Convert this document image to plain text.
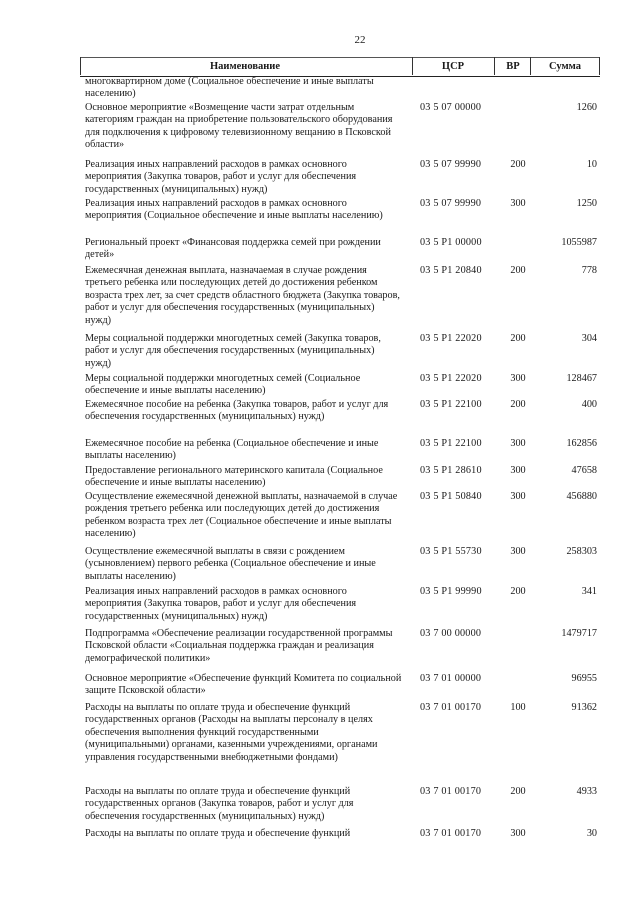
22
Наименование	ЦСР	ВР	Сумма
многоквартирном доме (Социальное обеспечение и иные выплаты населению)
Основное мероприятие «Возмещение части затрат отдельным категориям граждан на приобретение пользовательского оборудования для подключения к цифровому телевизионному вещанию в Псковской области»
03 5 07 00000	1260
Реализация иных направлений расходов в рамках основного мероприятия (Закупка товаров, работ и услуг для обеспечения государственных (муниципальных) нужд)
03 5 07 99990	200	10
Реализация иных направлений расходов в рамках основного мероприятия (Социальное обеспечение и иные выплаты населению)
03 5 07 99990	300	1250
Региональный проект «Финансовая поддержка семей при рождении детей»
03 5 P1 00000	1055987
Ежемесячная денежная выплата, назначаемая в случае рождения третьего ребенка или последующих детей до достижения ребенком возраста трех лет, за счет средств областного бюджета (Закупка товаров, работ и услуг для обеспечения государственных (муниципальных) нужд)
03 5 P1 20840	200	778
Меры социальной поддержки многодетных семей (Закупка товаров, работ и услуг для обеспечения государственных (муниципальных) нужд)
03 5 P1 22020	200	304
Меры социальной поддержки многодетных семей (Социальное обеспечение и иные выплаты населению)
03 5 P1 22020	300	128467
Ежемесячное пособие на ребенка (Закупка товаров, работ и услуг для обеспечения государственных (муниципальных) нужд)
03 5 P1 22100	200	400
Ежемесячное пособие на ребенка (Социальное обеспечение и иные выплаты населению)
03 5 P1 22100	300	162856
Предоставление регионального материнского капитала (Социальное обеспечение и иные выплаты населению)
03 5 P1 28610	300	47658
Осуществление ежемесячной денежной выплаты, назначаемой в случае рождения третьего ребенка или последующих детей до достижения ребенком возраста трех лет (Социальное обеспечение и иные выплаты населению)
03 5 P1 50840	300	456880
Осуществление ежемесячной выплаты в связи с рождением (усыновлением) первого ребенка (Социальное обеспечение и иные выплаты населению)
03 5 P1 55730	300	258303
Реализация иных направлений расходов в рамках основного мероприятия (Закупка товаров, работ и услуг для обеспечения государственных (муниципальных) нужд)
03 5 P1 99990	200	341
Подпрограмма «Обеспечение реализации государственной программы Псковской области «Социальная поддержка граждан и реализация демографической политики»
03 7 00 00000	1479717
Основное мероприятие «Обеспечение функций Комитета по социальной защите Псковской области»
03 7 01 00000	96955
Расходы на выплаты по оплате труда и обеспечение функций государственных органов (Расходы на выплаты персоналу в целях обеспечения выполнения функций государственными (муниципальными) органами, казенными учреждениями, органами управления государственными внебюджетными фондами)
03 7 01 00170	100	91362
Расходы на выплаты по оплате труда и обеспечение функций государственных органов (Закупка товаров, работ и услуг для обеспечения государственных (муниципальных) нужд)
03 7 01 00170	200	4933
Расходы на выплаты по оплате труда и обеспечение функций	03 7 01 00170	300	30
